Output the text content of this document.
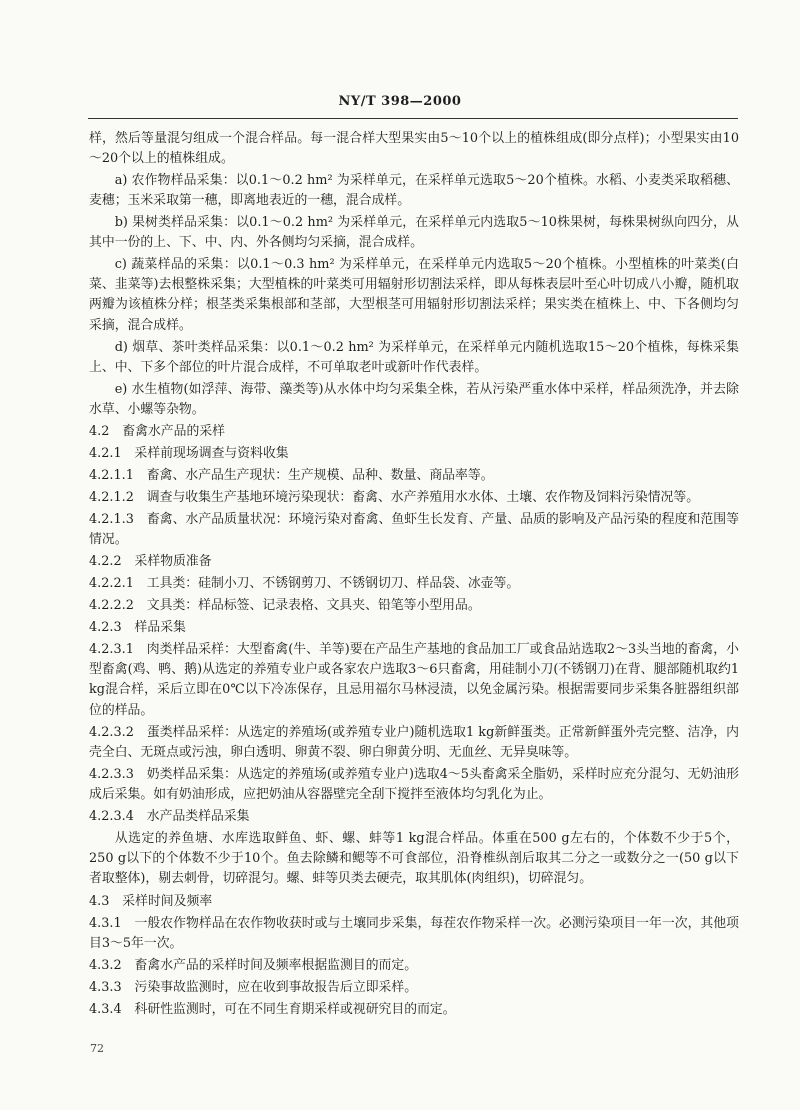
NY/T 398—2000
样，然后等量混匀组成一个混合样品。每一混合样大型果实由5～10个以上的植株组成(即分点样)；小型果实由10～20个以上的植株组成。
a) 农作物样品采集：以0.1～0.2 hm² 为采样单元，在采样单元选取5～20个植株。水稻、小麦类采取稻穗、麦穗；玉米采取第一穗，即离地表近的一穗，混合成样。
b) 果树类样品采集：以0.1～0.2 hm² 为采样单元，在采样单元内选取5～10株果树，每株果树纵向四分，从其中一份的上、下、中、内、外各侧均匀采摘，混合成样。
c) 蔬菜样品的采集：以0.1～0.3 hm² 为采样单元，在采样单元内选取5～20个植株。小型植株的叶菜类(白菜、韭菜等)去根整株采集；大型植株的叶菜类可用辐射形切割法采样，即从每株表层叶至心叶切成八小瓣，随机取两瓣为该植株分样；根茎类采集根部和茎部，大型根茎可用辐射形切割法采样；果实类在植株上、中、下各侧均匀采摘，混合成样。
d) 烟草、茶叶类样品采集：以0.1～0.2 hm² 为采样单元，在采样单元内随机选取15～20个植株，每株采集上、中、下多个部位的叶片混合成样，不可单取老叶或新叶作代表样。
e) 水生植物(如浮萍、海带、藻类等)从水体中均匀采集全株，若从污染严重水体中采样，样品须洗净，并去除水草、小螺等杂物。
4.2　畜禽水产品的采样
4.2.1　采样前现场调查与资料收集
4.2.1.1　畜禽、水产品生产现状：生产规模、品种、数量、商品率等。
4.2.1.2　调查与收集生产基地环境污染现状：畜禽、水产养殖用水水体、土壤、农作物及饲料污染情况等。
4.2.1.3　畜禽、水产品质量状况：环境污染对畜禽、鱼虾生长发育、产量、品质的影响及产品污染的程度和范围等情况。
4.2.2　采样物质准备
4.2.2.1　工具类：硅制小刀、不锈钢剪刀、不锈钢切刀、样品袋、冰壶等。
4.2.2.2　文具类：样品标签、记录表格、文具夹、铅笔等小型用品。
4.2.3　样品采集
4.2.3.1　肉类样品采样：大型畜禽(牛、羊等)要在产品生产基地的食品加工厂或食品站选取2～3头当地的畜禽，小型畜禽(鸡、鸭、鹅)从选定的养殖专业户或各家农户选取3～6只畜禽，用硅制小刀(不锈钢刀)在背、腿部随机取约1 kg混合样，采后立即在0℃以下冷冻保存，且忌用福尔马林浸渍，以免金属污染。根据需要同步采集各脏器组织部位的样品。
4.2.3.2　蛋类样品采样：从选定的养殖场(或养殖专业户)随机选取1 kg新鲜蛋类。正常新鲜蛋外壳完整、洁净，内壳全白、无斑点或污浊，卵白透明、卵黄不裂、卵白卵黄分明、无血丝、无异臭味等。
4.2.3.3　奶类样品采集：从选定的养殖场(或养殖专业户)选取4～5头畜禽采全脂奶，采样时应充分混匀、无奶油形成后采集。如有奶油形成，应把奶油从容器壁完全刮下搅拌至液体均匀乳化为止。
4.2.3.4　水产品类样品采集
从选定的养鱼塘、水库选取鲜鱼、虾、螺、蚌等1 kg混合样品。体重在500 g左右的，个体数不少于5个，250 g以下的个体数不少于10个。鱼去除鳞和鳃等不可食部位，沿脊椎纵剖后取其二分之一或数分之一(50 g以下者取整体)，剔去刺骨，切碎混匀。螺、蚌等贝类去硬壳，取其肌体(肉组织)，切碎混匀。
4.3　采样时间及频率
4.3.1　一般农作物样品在农作物收获时或与土壤同步采集，每茬农作物采样一次。必测污染项目一年一次，其他项目3～5年一次。
4.3.2　畜禽水产品的采样时间及频率根据监测目的而定。
4.3.3　污染事故监测时，应在收到事故报告后立即采样。
4.3.4　科研性监测时，可在不同生育期采样或视研究目的而定。
72
